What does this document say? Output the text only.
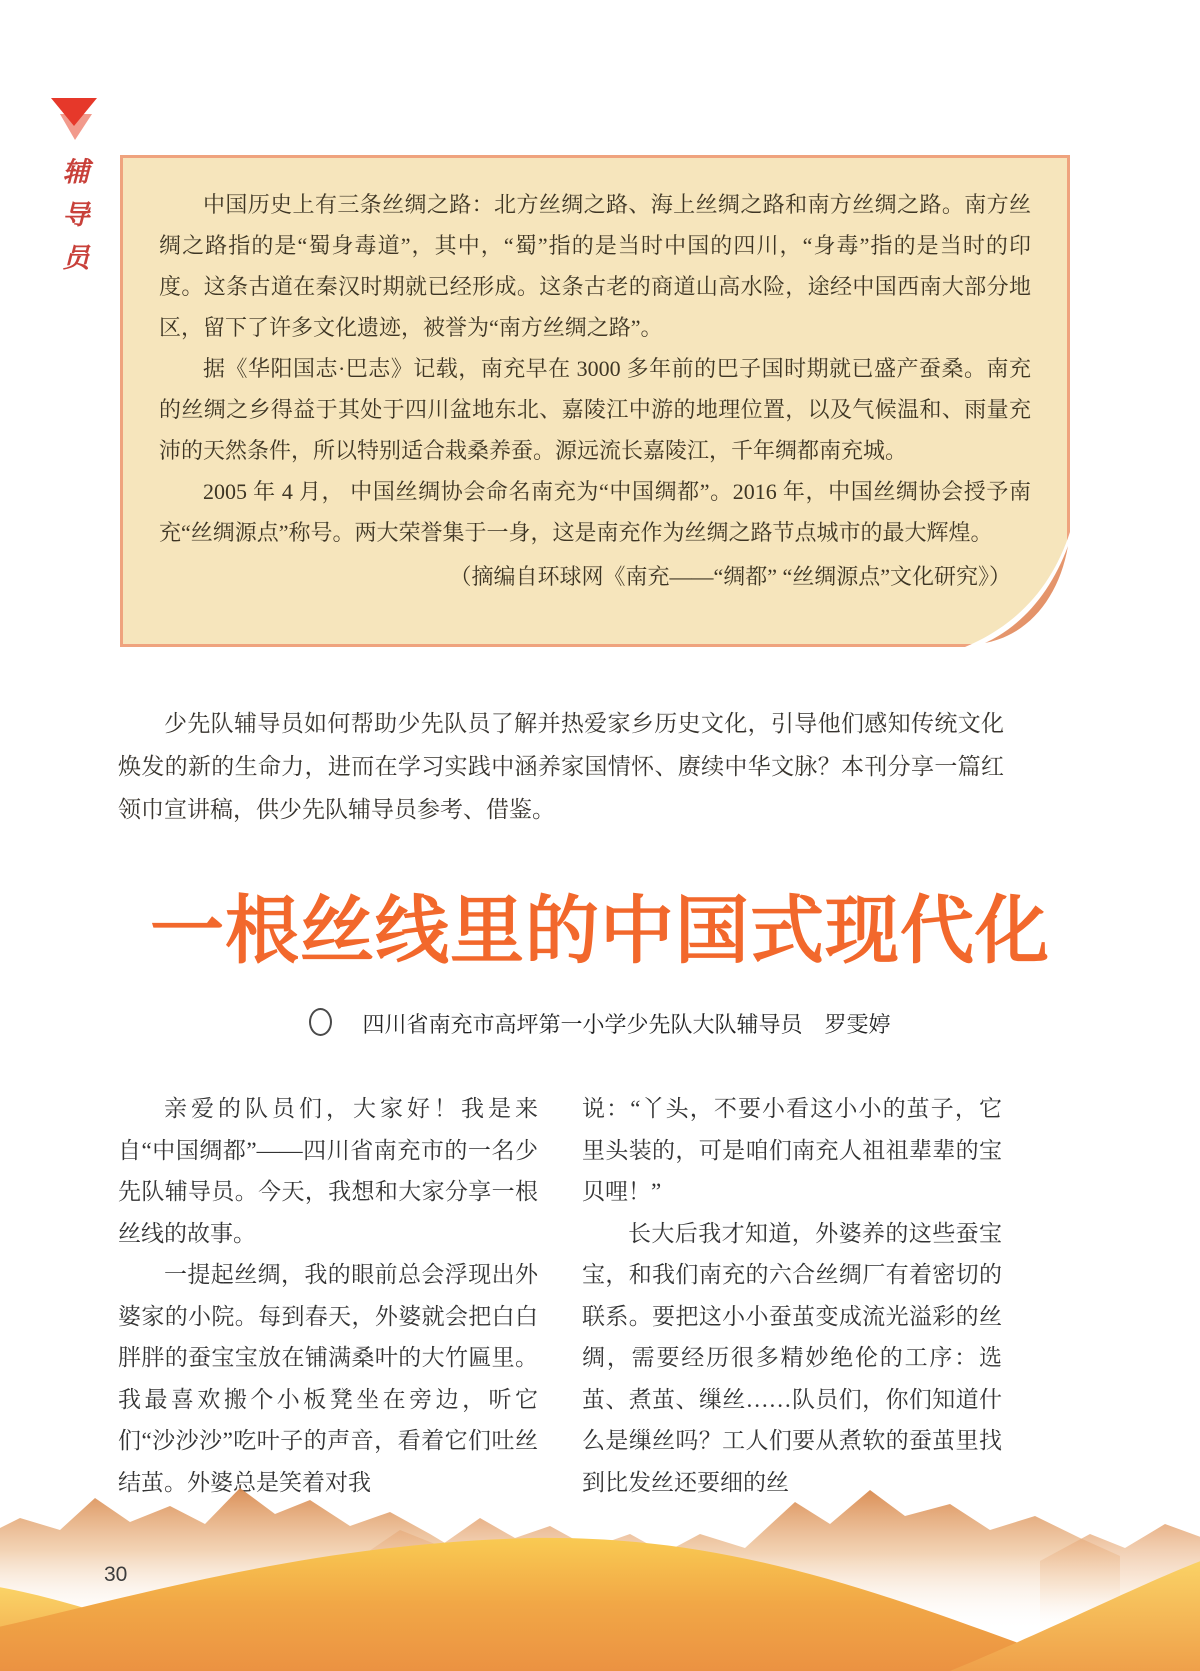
辅导员	中国历史上有三条丝绸之路：北方丝绸之路、海上丝绸之路和南方丝绸之路。南方丝绸之路指的是“蜀身毒道”，其中，“蜀”指的是当时中国的四川，“身毒”指的是当时的印度。这条古道在秦汉时期就已经形成。这条古老的商道山高水险，途经中国西南大部分地区，留下了许多文化遗迹，被誉为“南方丝绸之路”。

据《华阳国志·巴志》记载，南充早在 3000 多年前的巴子国时期就已盛产蚕桑。南充的丝绸之乡得益于其处于四川盆地东北、嘉陵江中游的地理位置，以及气候温和、雨量充沛的天然条件，所以特别适合栽桑养蚕。源远流长嘉陵江，千年绸都南充城。

2005 年 4 月， 中国丝绸协会命名南充为“中国绸都”。2016 年，中国丝绸协会授予南充“丝绸源点”称号。两大荣誉集于一身，这是南充作为丝绸之路节点城市的最大辉煌。

（摘编自环球网《南充——“绸都” “丝绸源点”文化研究》）

少先队辅导员如何帮助少先队员了解并热爱家乡历史文化，引导他们感知传统文化焕发的新的生命力，进而在学习实践中涵养家国情怀、赓续中华文脉？本刊分享一篇红领巾宣讲稿，供少先队辅导员参考、借鉴。

一根丝线里的中国式现代化
四川省南充市高坪第一小学少先队大队辅导员　罗雯婷

亲爱的队员们，大家好！我是来自“中国绸都”——四川省南充市的一名少先队辅导员。今天，我想和大家分享一根丝线的故事。

一提起丝绸，我的眼前总会浮现出外婆家的小院。每到春天，外婆就会把白白胖胖的蚕宝宝放在铺满桑叶的大竹匾里。我最喜欢搬个小板凳坐在旁边，听它们“沙沙沙”吃叶子的声音，看着它们吐丝结茧。外婆总是笑着对我

说：“丫头，不要小看这小小的茧子，它里头装的，可是咱们南充人祖祖辈辈的宝贝哩！”

长大后我才知道，外婆养的这些蚕宝宝，和我们南充的六合丝绸厂有着密切的联系。要把这小小蚕茧变成流光溢彩的丝绸，需要经历很多精妙绝伦的工序：选茧、煮茧、缫丝……队员们，你们知道什么是缫丝吗？工人们要从煮软的蚕茧里找到比发丝还要细的丝

30
